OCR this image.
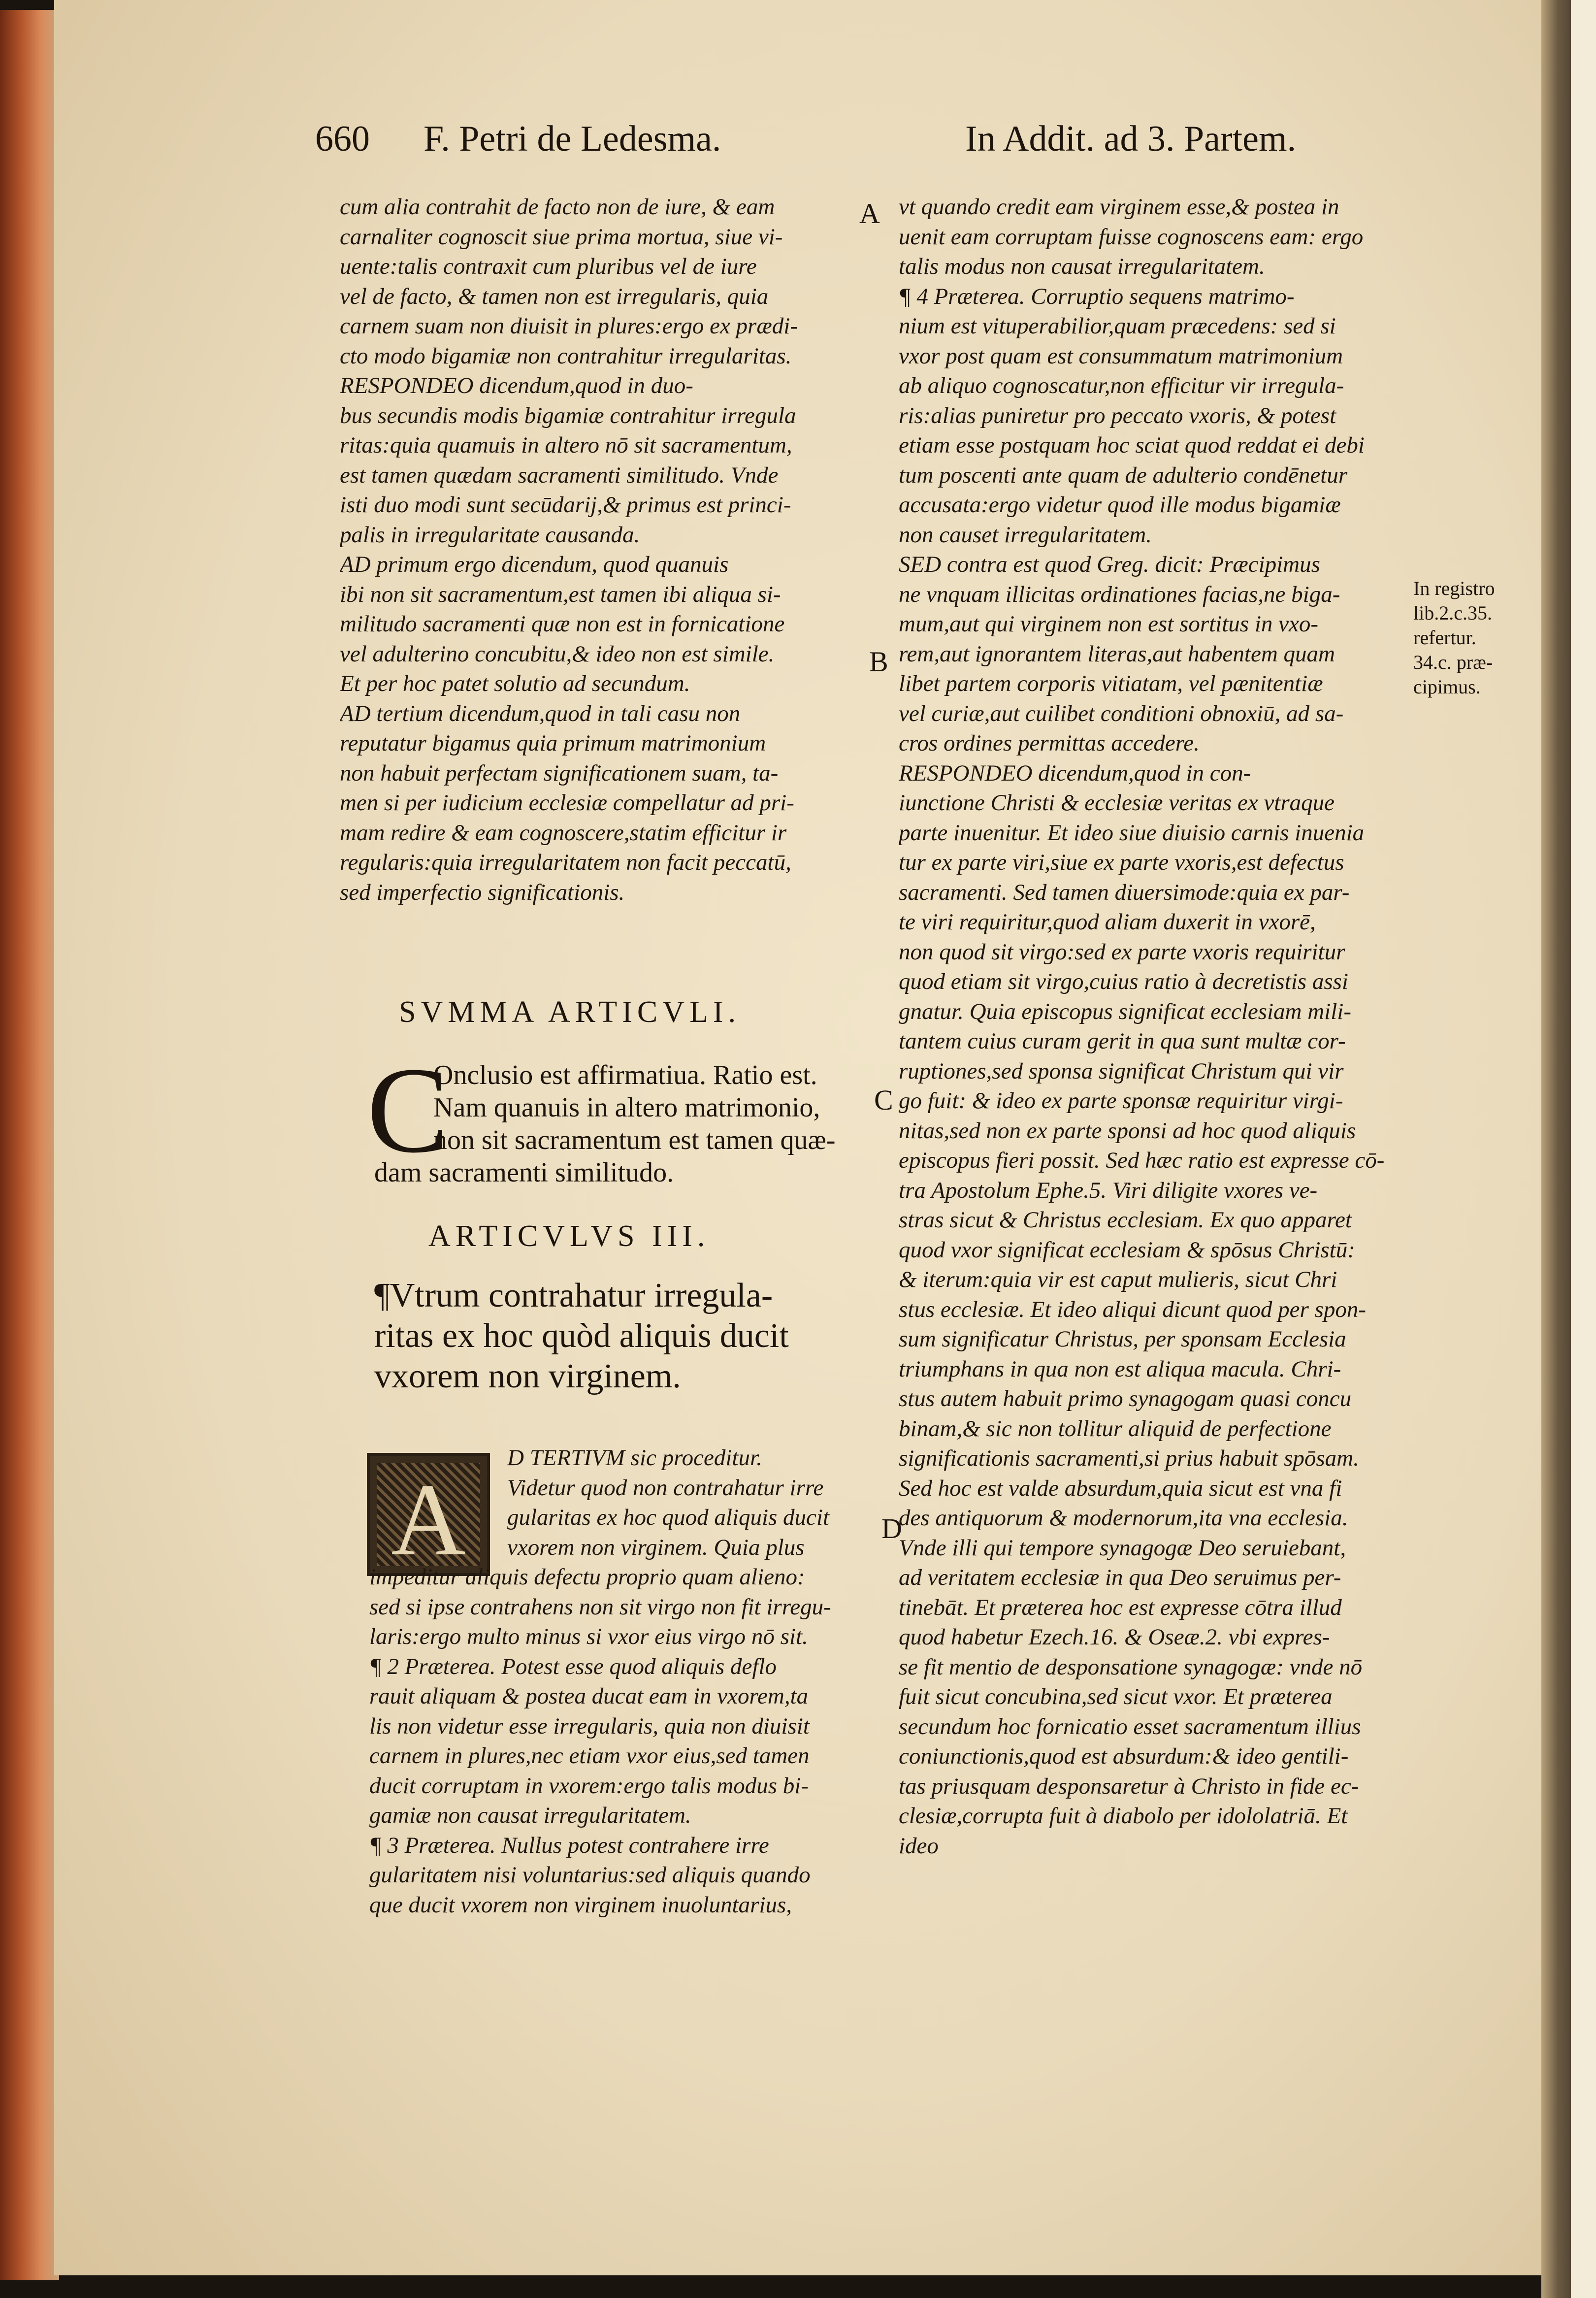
660 F. Petri de Ledesma.	In Addit. ad 3. Partem.
cum alia contrahit de facto non de iure, & eam
carnaliter cognoscit siue prima mortua, siue vi-
uente:talis contraxit cum pluribus vel de iure
vel de facto, & tamen non est irregularis, quia
carnem suam non diuisit in plures:ergo ex prædi-
cto modo bigamiæ non contrahitur irregularitas.
RESPONDEO dicendum,quod in duo-
bus secundis modis bigamiæ contrahitur irregula
ritas:quia quamuis in altero nō sit sacramentum,
est tamen quædam sacramenti similitudo. Vnde
isti duo modi sunt secūdarij,& primus est princi-
palis in irregularitate causanda.
AD primum ergo dicendum, quod quanuis
ibi non sit sacramentum,est tamen ibi aliqua si-
militudo sacramenti quæ non est in fornicatione
vel adulterino concubitu,& ideo non est simile.
Et per hoc patet solutio ad secundum.
AD tertium dicendum,quod in tali casu non
reputatur bigamus quia primum matrimonium
non habuit perfectam significationem suam, ta-
men si per iudicium ecclesiæ compellatur ad pri-
mam redire & eam cognoscere,statim efficitur ir
regularis:quia irregularitatem non facit peccatū,
sed imperfectio significationis.
SVMMA ARTICVLI.
C
Onclusio est affirmatiua. Ratio est.
Nam quanuis in altero matrimonio,
non sit sacramentum est tamen quæ-
dam sacramenti similitudo.
ARTICVLVS III.
¶Vtrum contrahatur irregula-
ritas ex hoc quòd aliquis ducit
vxorem non virginem.
A
D TERTIVM sic proceditur.
Videtur quod non contrahatur irre
gularitas ex hoc quod aliquis ducit
vxorem non virginem. Quia plus
impeditur aliquis defectu proprio quam alieno:
sed si ipse contrahens non sit virgo non fit irregu-
laris:ergo multo minus si vxor eius virgo nō sit.
¶ 2 Præterea. Potest esse quod aliquis deflo
rauit aliquam & postea ducat eam in vxorem,ta
lis non videtur esse irregularis, quia non diuisit
carnem in plures,nec etiam vxor eius,sed tamen
ducit corruptam in vxorem:ergo talis modus bi-
gamiæ non causat irregularitatem.
¶ 3 Præterea. Nullus potest contrahere irre
gularitatem nisi voluntarius:sed aliquis quando
que ducit vxorem non virginem inuoluntarius,
A
B
C
D
vt quando credit eam virginem esse,& postea in
uenit eam corruptam fuisse cognoscens eam: ergo
talis modus non causat irregularitatem.
¶ 4 Præterea. Corruptio sequens matrimo-
nium est vituperabilior,quam præcedens: sed si
vxor post quam est consummatum matrimonium
ab aliquo cognoscatur,non efficitur vir irregula-
ris:alias puniretur pro peccato vxoris, & potest
etiam esse postquam hoc sciat quod reddat ei debi
tum poscenti ante quam de adulterio condēnetur
accusata:ergo videtur quod ille modus bigamiæ
non causet irregularitatem.
SED contra est quod Greg. dicit: Præcipimus
ne vnquam illicitas ordinationes facias,ne biga-
mum,aut qui virginem non est sortitus in vxo-
rem,aut ignorantem literas,aut habentem quam
libet partem corporis vitiatam, vel pænitentiæ
vel curiæ,aut cuilibet conditioni obnoxiū, ad sa-
cros ordines permittas accedere.
RESPONDEO dicendum,quod in con-
iunctione Christi & ecclesiæ veritas ex vtraque
parte inuenitur. Et ideo siue diuisio carnis inuenia
tur ex parte viri,siue ex parte vxoris,est defectus
sacramenti. Sed tamen diuersimode:quia ex par-
te viri requiritur,quod aliam duxerit in vxorē,
non quod sit virgo:sed ex parte vxoris requiritur
quod etiam sit virgo,cuius ratio à decretistis assi
gnatur. Quia episcopus significat ecclesiam mili-
tantem cuius curam gerit in qua sunt multæ cor-
ruptiones,sed sponsa significat Christum qui vir
go fuit: & ideo ex parte sponsæ requiritur virgi-
nitas,sed non ex parte sponsi ad hoc quod aliquis
episcopus fieri possit. Sed hæc ratio est expresse cō-
tra Apostolum Ephe.5. Viri diligite vxores ve-
stras sicut & Christus ecclesiam. Ex quo apparet
quod vxor significat ecclesiam & spōsus Christū:
& iterum:quia vir est caput mulieris, sicut Chri
stus ecclesiæ. Et ideo aliqui dicunt quod per spon-
sum significatur Christus, per sponsam Ecclesia
triumphans in qua non est aliqua macula. Chri-
stus autem habuit primo synagogam quasi concu
binam,& sic non tollitur aliquid de perfectione
significationis sacramenti,si prius habuit spōsam.
Sed hoc est valde absurdum,quia sicut est vna fi
des antiquorum & modernorum,ita vna ecclesia.
Vnde illi qui tempore synagogæ Deo seruiebant,
ad veritatem ecclesiæ in qua Deo seruimus per-
tinebāt. Et præterea hoc est expresse cōtra illud
quod habetur Ezech.16. & Oseæ.2. vbi expres-
se fit mentio de desponsatione synagogæ: vnde nō
fuit sicut concubina,sed sicut vxor. Et præterea
secundum hoc fornicatio esset sacramentum illius
coniunctionis,quod est absurdum:& ideo gentili-
tas priusquam desponsaretur à Christo in fide ec-
clesiæ,corrupta fuit à diabolo per idololatriā. Et
ideo
In registro
lib.2.c.35.
refertur.
34.c. præ-
cipimus.
